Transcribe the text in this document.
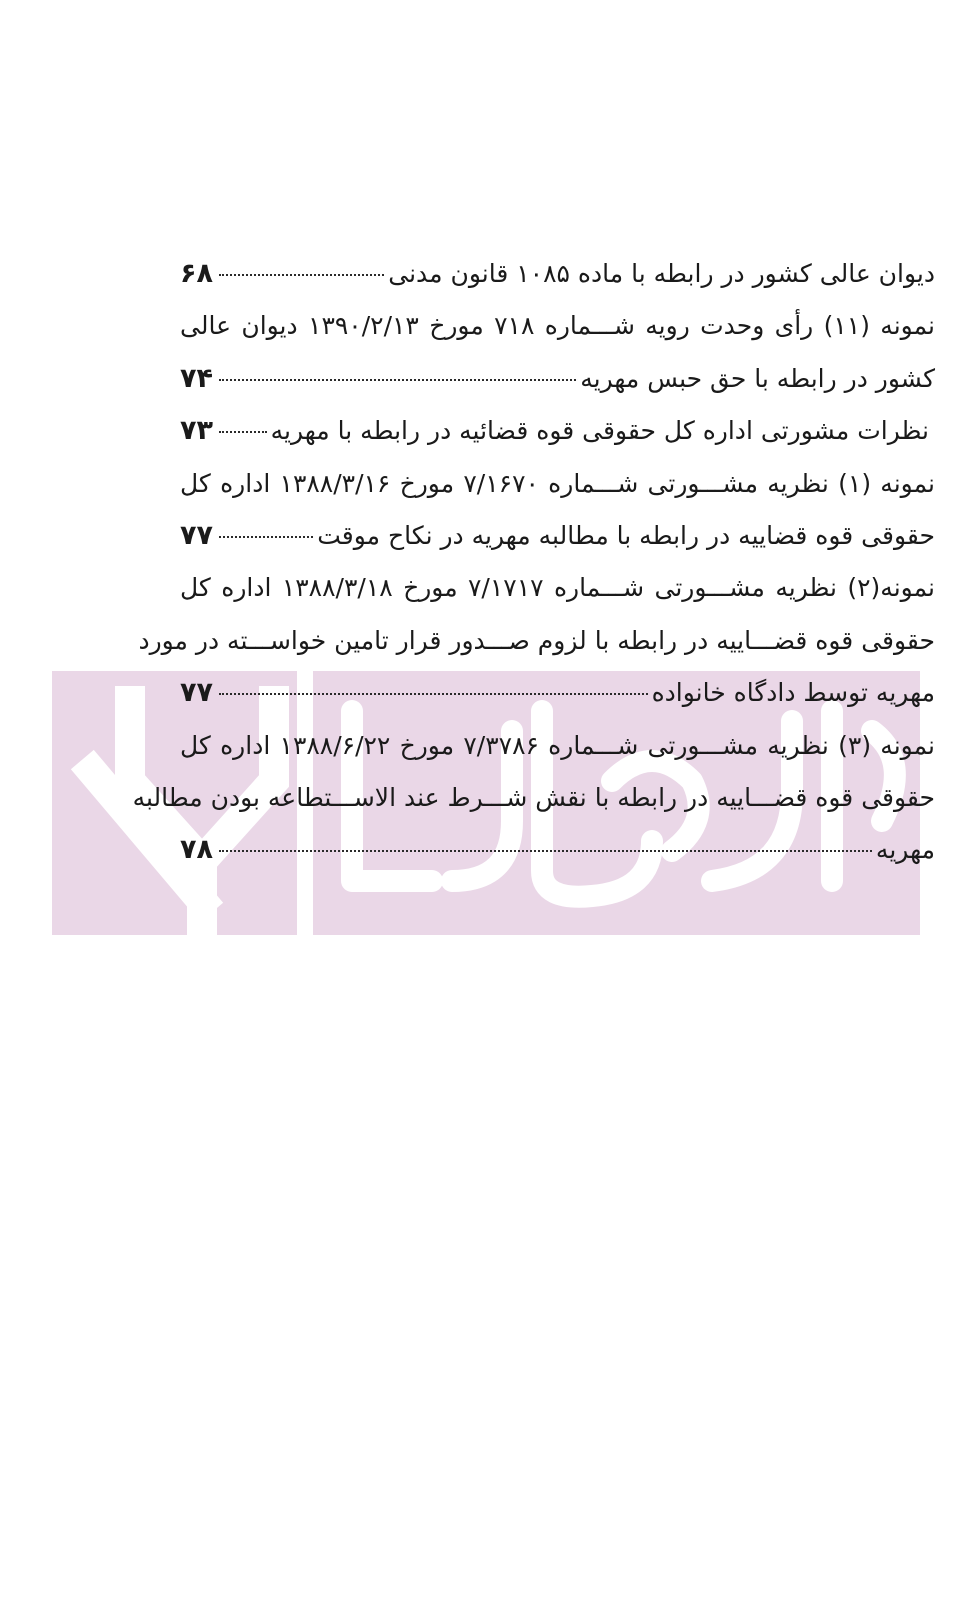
دیوان عالی کشور در رابطه با ماده ۱۰۸۵ قانون مدنی
۶۸
نمونه (۱۱) رأی وحدت رویه شـــماره ۷۱۸ مورخ ۱۳۹۰/۲/۱۳ دیوان عالی
کشور در رابطه با حق حبس مهریه
۷۴
نظرات مشورتی اداره کل حقوقی قوه قضائیه در رابطه با مهریه
۷۳
نمونه (۱) نظریه مشـــورتی شـــماره ۷/۱۶۷۰ مورخ ۱۳۸۸/۳/۱۶ اداره کل
حقوقی قوه قضاییه در رابطه با مطالبه مهریه در نکاح موقت
۷۷
نمونه(۲) نظریه مشـــورتی شـــماره ۷/۱۷۱۷ مورخ ۱۳۸۸/۳/۱۸ اداره کل
حقوقی قوه قضـــاییه در رابطه با لزوم صـــدور قرار تامین خواســـته در مورد
مهریه توسط دادگاه خانواده
۷۷
نمونه (۳) نظریه مشـــورتی شـــماره ۷/۳۷۸۶ مورخ ۱۳۸۸/۶/۲۲ اداره کل
حقوقی قوه قضـــاییه در رابطه با نقش شـــرط عند الاســـتطاعه بودن مطالبه
مهریه
۷۸
